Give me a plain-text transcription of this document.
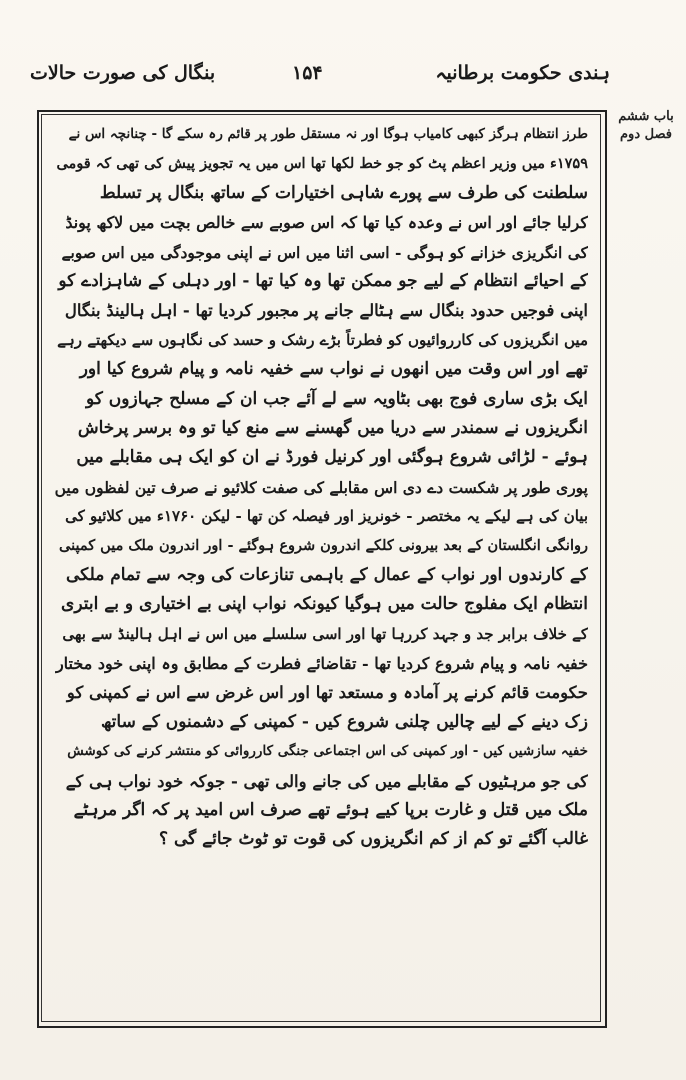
ہندی حکومت برطانیہ
۱۵۴
بنگال کی صورت حالات
باب ششم فصل دوم
طرز انتظام ہرگز کبھی کامیاب ہوگا اور نہ مستقل طور پر قائم رہ سکے گا - چنانچہ اس نے
۱۷۵۹ء میں وزیر اعظم پٹ کو جو خط لکھا تھا اس میں یہ تجویز پیش کی تھی کہ قومی
سلطنت کی طرف سے پورے شاہی اختیارات کے ساتھ بنگال پر تسلط
کرلیا جائے اور اس نے وعدہ کیا تھا کہ اس صوبے سے خالص بچت میں لاکھ پونڈ
کی انگریزی خزانے کو ہوگی - اسی اثنا میں اس نے اپنی موجودگی میں اس صوبے
کے احیائے انتظام کے لیے جو ممکن تھا وہ کیا تھا - اور دہلی کے شاہزادے کو
اپنی فوجیں حدود بنگال سے ہٹالے جانے پر مجبور کردیا تھا - اہل ہالینڈ بنگال
میں انگریزوں کی کارروائیوں کو فطرتاً بڑے رشک و حسد کی نگاہوں سے دیکھتے رہے
تھے اور اس وقت میں انھوں نے نواب سے خفیہ نامہ و پیام شروع کیا اور
ایک بڑی ساری فوج بھی بٹاویہ سے لے آئے جب ان کے مسلح جہازوں کو
انگریزوں نے سمندر سے دریا میں گھسنے سے منع کیا تو وہ برسر پرخاش
ہوئے - لڑائی شروع ہوگئی اور کرنیل فورڈ نے ان کو ایک ہی مقابلے میں
پوری طور پر شکست دے دی اس مقابلے کی صفت کلائیو نے صرف تین لفظوں میں
بیان کی ہے لیکے یہ مختصر - خونریز اور فیصلہ کن تھا - لیکن ۱۷۶۰ء میں کلائیو کی
روانگی انگلستان کے بعد بیرونی کلکے اندرون شروع ہوگئے - اور اندرون ملک میں کمپنی
کے کارندوں اور نواب کے عمال کے باہمی تنازعات کی وجہ سے تمام ملکی
انتظام ایک مفلوج حالت میں ہوگیا کیونکہ نواب اپنی بے اختیاری و بے ابتری
کے خلاف برابر جد و جہد کررہا تھا اور اسی سلسلے میں اس نے اہل ہالینڈ سے بھی
خفیہ نامہ و پیام شروع کردیا تھا - تقاضائے فطرت کے مطابق وہ اپنی خود مختار
حکومت قائم کرنے پر آمادہ و مستعد تھا اور اس غرض سے اس نے کمپنی کو
زک دینے کے لیے چالیں چلنی شروع کیں - کمپنی کے دشمنوں کے ساتھ
خفیہ سازشیں کیں - اور کمپنی کی اس اجتماعی جنگی کارروائی کو منتشر کرنے کی کوشش
کی جو مرہٹیوں کے مقابلے میں کی جانے والی تھی - جوکہ خود نواب ہی کے
ملک میں قتل و غارت برپا کیے ہوئے تھے صرف اس امید پر کہ اگر مرہٹے
غالب آگئے تو کم از کم انگریزوں کی قوت تو ٹوٹ جائے گی ؟
